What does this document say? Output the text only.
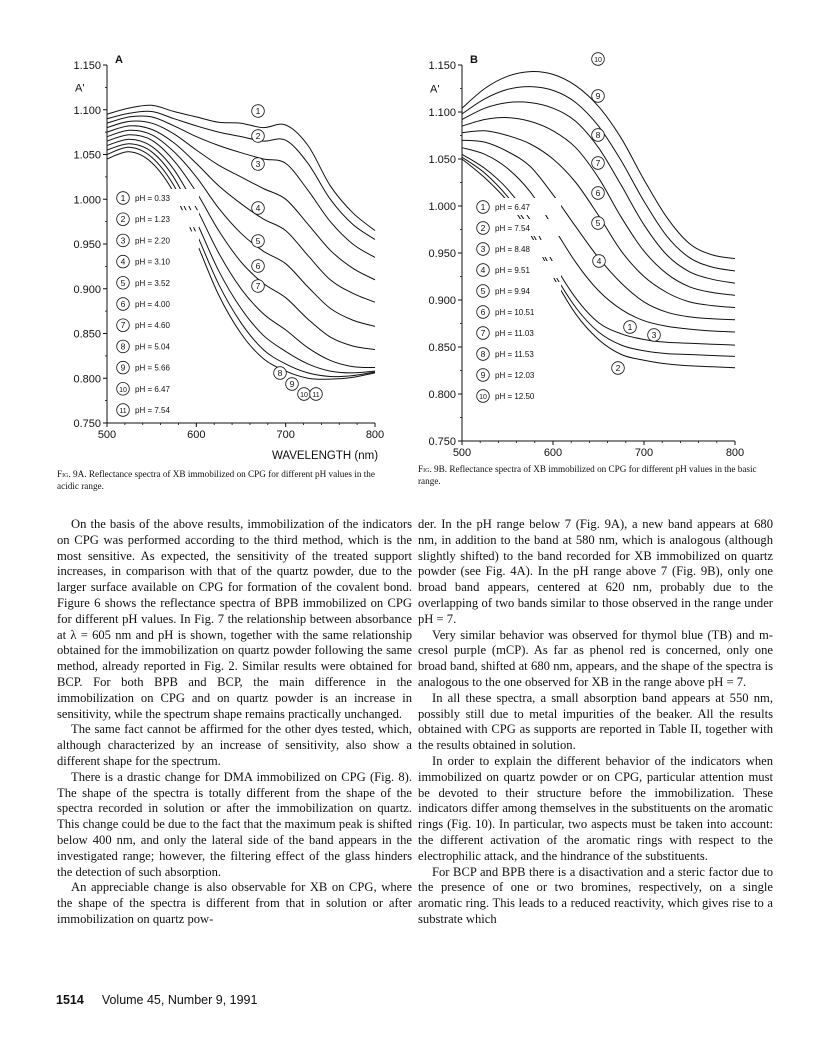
0.750
0.800
0.850
0.900
0.950
1.000
1.050
1.100
1.150
500	600	700	800
A
A'
WAVELENGTH (nm)
1 pH = 0.33
2 pH = 1.23
3 pH = 2.20
4 pH = 3.10
5 pH = 3.52
6 pH = 4.00
7 pH = 4.60
8 pH = 5.04
9 pH = 5.66
10 pH = 6.47
11 pH = 7.54
1
2
3
4
5
6
7
8
9
10 11
0.750
0.800
0.850
0.900
0.950
1.000
1.050
1.100
1.150
500	600	700	800
B
A'
1 pH = 6.47
2 pH = 7.54
3 pH = 8.48
4 pH = 9.51
5 pH = 9.94
6 pH = 10.51
7 pH = 11.03
8 pH = 11.53
9 pH = 12.03
10 pH = 12.50
1
2
3
4
5
6
7
8
9
10
Fig. 9A. Reflectance spectra of XB immobilized on CPG for different pH values in the acidic range.
Fig. 9B. Reflectance spectra of XB immobilized on CPG for different pH values in the basic range.

On the basis of the above results, immobilization of the indicators on CPG was performed according to the third method, which is the most sensitive. As expected, the sensitivity of the treated support increases, in comparison with that of the quartz powder, due to the larger surface available on CPG for formation of the covalent bond. Figure 6 shows the reflectance spectra of BPB immobilized on CPG for different pH values. In Fig. 7 the relationship between absorbance at λ = 605 nm and pH is shown, together with the same relationship obtained for the immobilization on quartz powder following the same method, already reported in Fig. 2. Similar results were obtained for BCP. For both BPB and BCP, the main difference in the immobilization on CPG and on quartz powder is an increase in sensitivity, while the spectrum shape remains practically unchanged.

The same fact cannot be affirmed for the other dyes tested, which, although characterized by an increase of sensitivity, also show a different shape for the spectrum.

There is a drastic change for DMA immobilized on CPG (Fig. 8). The shape of the spectra is totally different from the shape of the spectra recorded in solution or after the immobilization on quartz. This change could be due to the fact that the maximum peak is shifted below 400 nm, and only the lateral side of the band appears in the investigated range; however, the filtering effect of the glass hinders the detection of such absorption.

An appreciable change is also observable for XB on CPG, where the shape of the spectra is different from that in solution or after immobilization on quartz pow-

der. In the pH range below 7 (Fig. 9A), a new band appears at 680 nm, in addition to the band at 580 nm, which is analogous (although slightly shifted) to the band recorded for XB immobilized on quartz powder (see Fig. 4A). In the pH range above 7 (Fig. 9B), only one broad band appears, centered at 620 nm, probably due to the overlapping of two bands similar to those observed in the range under pH = 7.

Very similar behavior was observed for thymol blue (TB) and m-cresol purple (mCP). As far as phenol red is concerned, only one broad band, shifted at 680 nm, appears, and the shape of the spectra is analogous to the one observed for XB in the range above pH = 7.

In all these spectra, a small absorption band appears at 550 nm, possibly still due to metal impurities of the beaker. All the results obtained with CPG as supports are reported in Table II, together with the results obtained in solution.

In order to explain the different behavior of the indicators when immobilized on quartz powder or on CPG, particular attention must be devoted to their structure before the immobilization. These indicators differ among themselves in the substituents on the aromatic rings (Fig. 10). In particular, two aspects must be taken into account: the different activation of the aromatic rings with respect to the electrophilic attack, and the hindrance of the substituents.

For BCP and BPB there is a disactivation and a steric factor due to the presence of one or two bromines, respectively, on a single aromatic ring. This leads to a reduced reactivity, which gives rise to a substrate which

1514 Volume 45, Number 9, 1991
